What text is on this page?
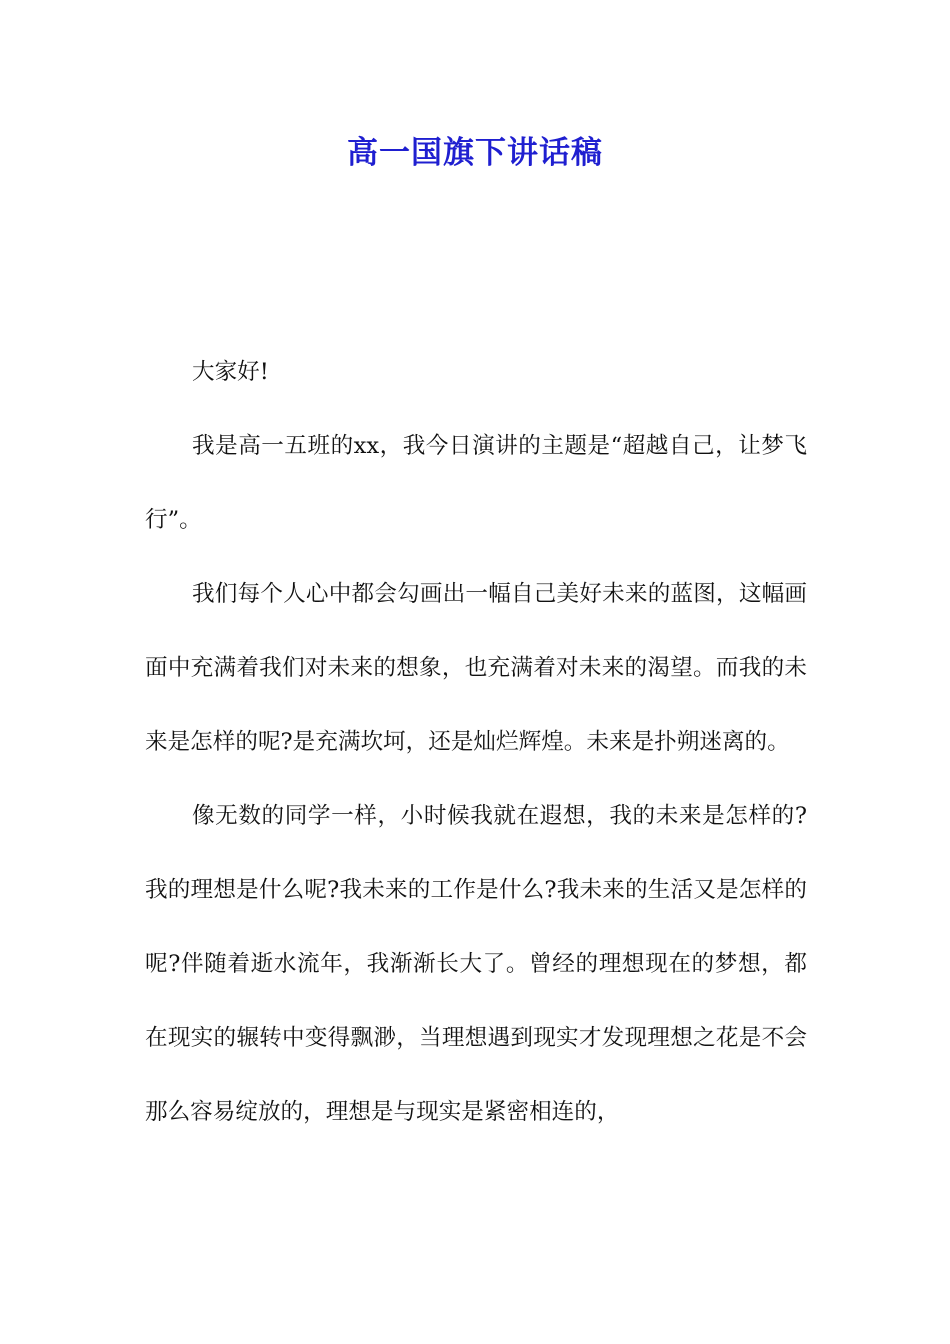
高一国旗下讲话稿

大家好!

我是高一五班的xx，我今日演讲的主题是“超越自己，让梦飞行”。

我们每个人心中都会勾画出一幅自己美好未来的蓝图，这幅画面中充满着我们对未来的想象，也充满着对未来的渴望。而我的未来是怎样的呢?是充满坎坷，还是灿烂辉煌。未来是扑朔迷离的。

像无数的同学一样，小时候我就在遐想，我的未来是怎样的?我的理想是什么呢?我未来的工作是什么?我未来的生活又是怎样的呢?伴随着逝水流年，我渐渐长大了。曾经的理想现在的梦想，都在现实的辗转中变得飘渺，当理想遇到现实才发现理想之花是不会那么容易绽放的，理想是与现实是紧密相连的，
